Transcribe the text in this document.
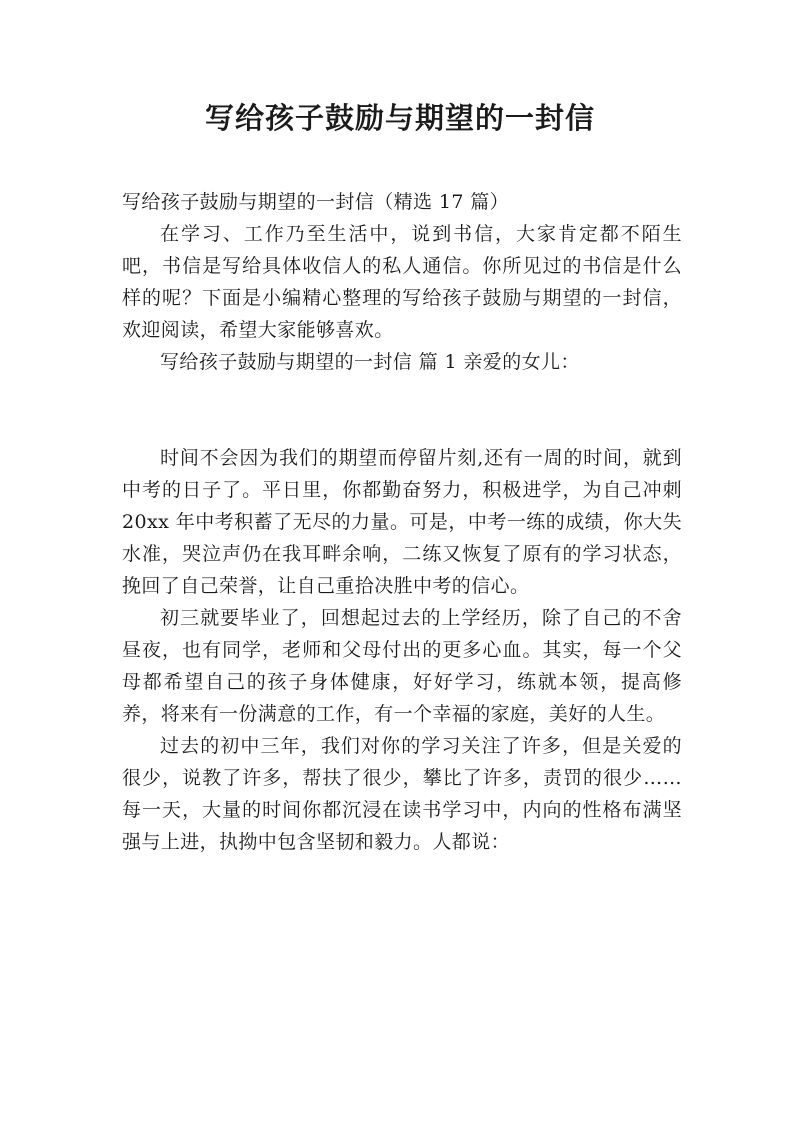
写给孩子鼓励与期望的一封信

写给孩子鼓励与期望的一封信（精选 17 篇）

在学习、工作乃至生活中，说到书信，大家肯定都不陌生吧，书信是写给具体收信人的私人通信。你所见过的书信是什么样的呢？下面是小编精心整理的写给孩子鼓励与期望的一封信，欢迎阅读，希望大家能够喜欢。

写给孩子鼓励与期望的一封信 篇 1 亲爱的女儿：

时间不会因为我们的期望而停留片刻,还有一周的时间，就到中考的日子了。平日里，你都勤奋努力，积极进学，为自己冲刺 20xx 年中考积蓄了无尽的力量。可是，中考一练的成绩，你大失水准，哭泣声仍在我耳畔余响，二练又恢复了原有的学习状态，挽回了自己荣誉，让自己重拾决胜中考的信心。

初三就要毕业了，回想起过去的上学经历，除了自己的不舍昼夜，也有同学，老师和父母付出的更多心血。其实，每一个父母都希望自己的孩子身体健康，好好学习，练就本领，提高修养，将来有一份满意的工作，有一个幸福的家庭，美好的人生。

过去的初中三年，我们对你的学习关注了许多，但是关爱的很少，说教了许多，帮扶了很少，攀比了许多，责罚的很少……每一天，大量的时间你都沉浸在读书学习中，内向的性格布满坚强与上进，执拗中包含坚韧和毅力。人都说：
